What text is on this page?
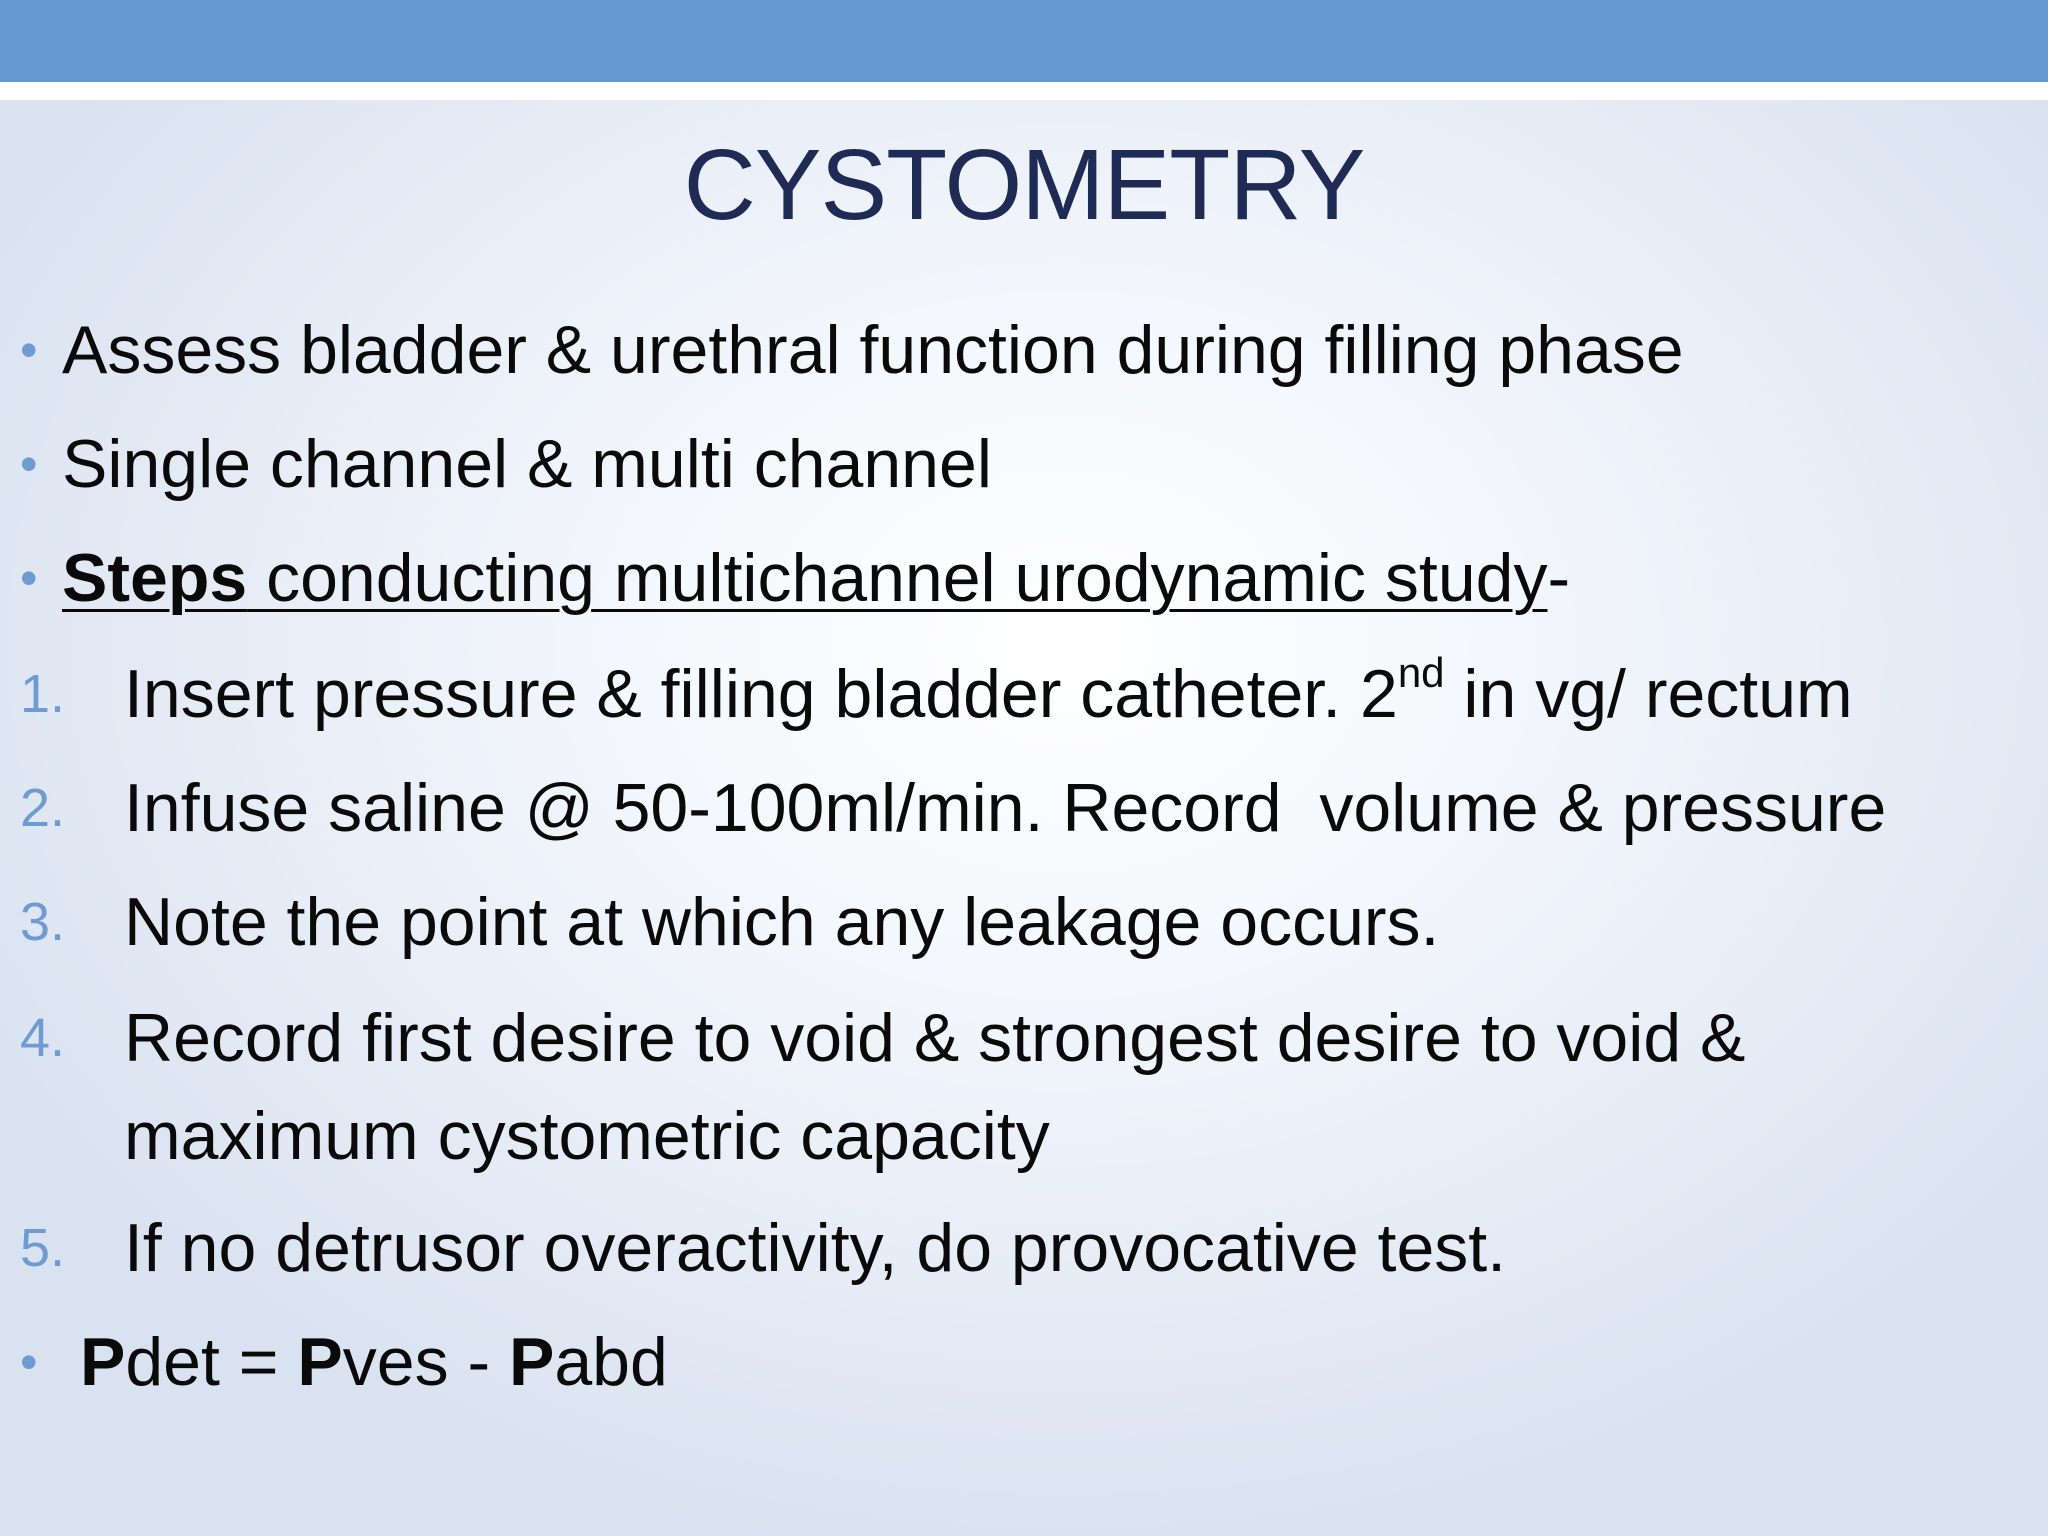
CYSTOMETRY
• Assess bladder & urethral function during filling phase
• Single channel & multi channel
• Steps conducting multichannel urodynamic study-
1. Insert pressure & filling bladder catheter. 2nd in vg/ rectum
2. Infuse saline @ 50-100ml/min. Record  volume & pressure
3. Note the point at which any leakage occurs.
4. Record first desire to void & strongest desire to void &
maximum cystometric capacity
5. If no detrusor overactivity, do provocative test.
• Pdet = Pves - Pabd
